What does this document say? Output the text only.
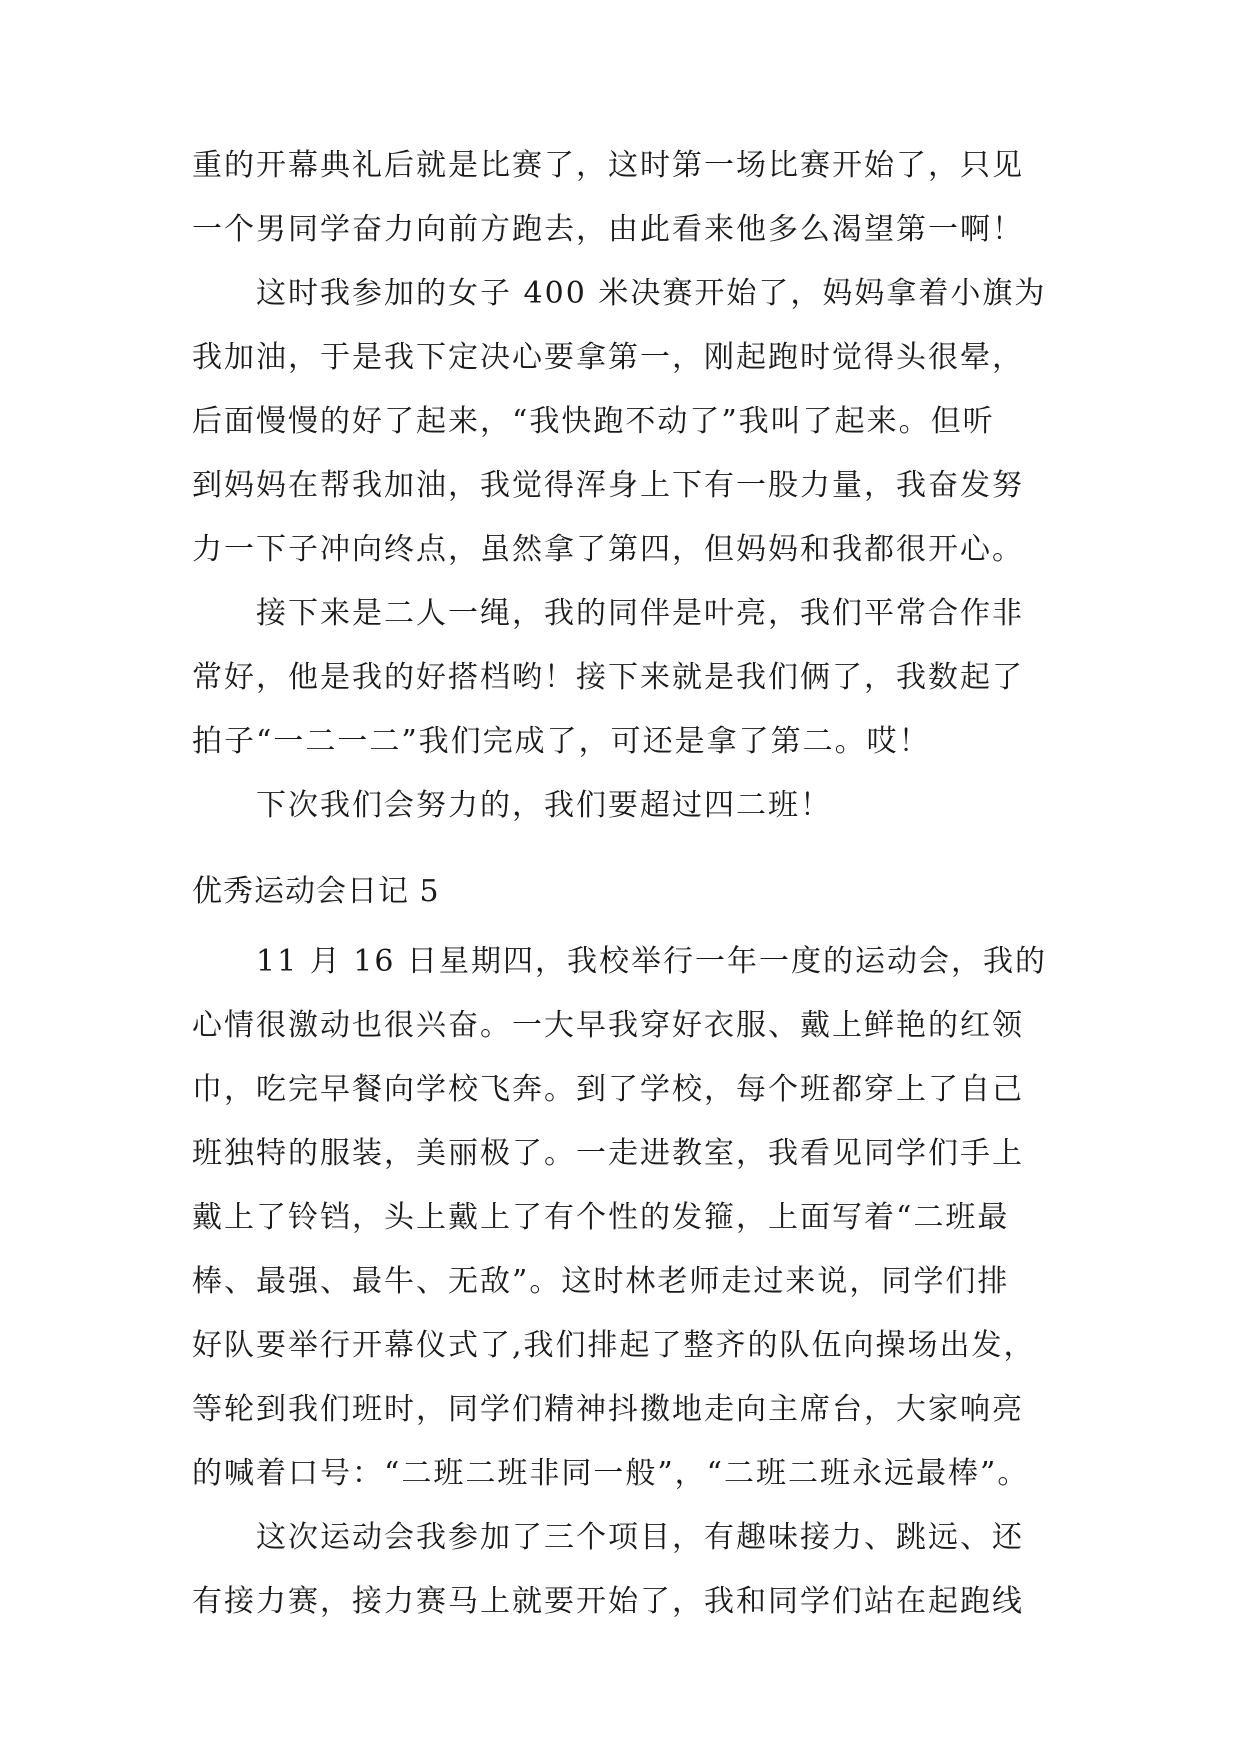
重的开幕典礼后就是比赛了，这时第一场比赛开始了，只见
一个男同学奋力向前方跑去，由此看来他多么渴望第一啊！
这时我参加的女子 400 米决赛开始了，妈妈拿着小旗为
我加油，于是我下定决心要拿第一，刚起跑时觉得头很晕，
后面慢慢的好了起来，“我快跑不动了”我叫了起来。但听
到妈妈在帮我加油，我觉得浑身上下有一股力量，我奋发努
力一下子冲向终点，虽然拿了第四，但妈妈和我都很开心。
接下来是二人一绳，我的同伴是叶亮，我们平常合作非
常好，他是我的好搭档哟！接下来就是我们俩了，我数起了
拍子“一二一二”我们完成了，可还是拿了第二。哎！
下次我们会努力的，我们要超过四二班！
优秀运动会日记 5
11 月 16 日星期四，我校举行一年一度的运动会，我的
心情很激动也很兴奋。一大早我穿好衣服、戴上鲜艳的红领
巾，吃完早餐向学校飞奔。到了学校，每个班都穿上了自己
班独特的服装，美丽极了。一走进教室，我看见同学们手上
戴上了铃铛，头上戴上了有个性的发箍，上面写着“二班最
棒、最强、最牛、无敌”。这时林老师走过来说，同学们排
好队要举行开幕仪式了,我们排起了整齐的队伍向操场出发，
等轮到我们班时，同学们精神抖擞地走向主席台，大家响亮
的喊着口号：“二班二班非同一般”，“二班二班永远最棒”。
这次运动会我参加了三个项目，有趣味接力、跳远、还
有接力赛，接力赛马上就要开始了，我和同学们站在起跑线
